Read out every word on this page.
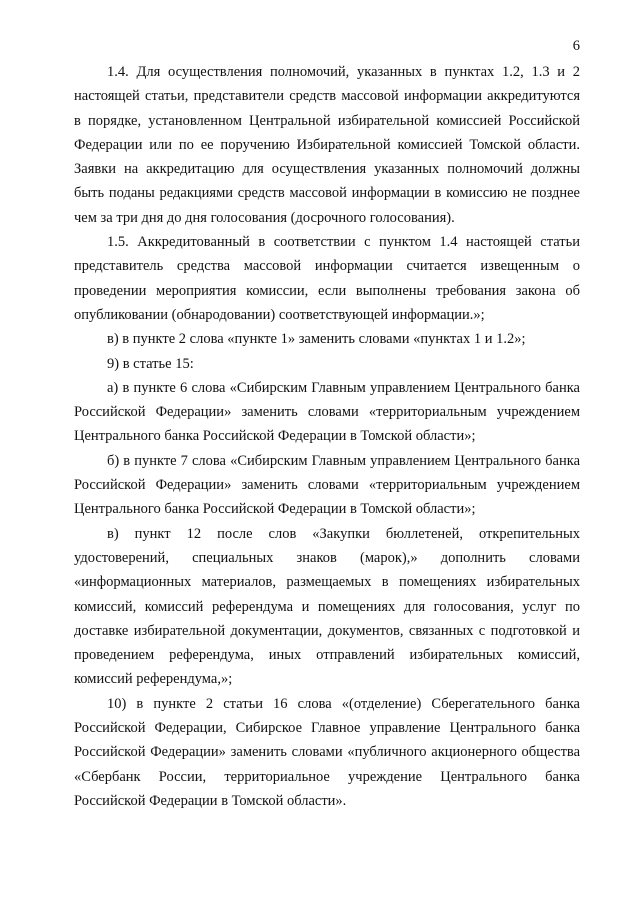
6

1.4. Для осуществления полномочий, указанных в пунктах 1.2, 1.3 и 2 настоящей статьи, представители средств массовой информации аккредитуются в порядке, установленном Центральной избирательной комиссией Российской Федерации или по ее поручению Избирательной комиссией Томской области. Заявки на аккредитацию для осуществления указанных полномочий должны быть поданы редакциями средств массовой информации в комиссию не позднее чем за три дня до дня голосования (досрочного голосования).

1.5. Аккредитованный в соответствии с пунктом 1.4 настоящей статьи представитель средства массовой информации считается извещенным о проведении мероприятия комиссии, если выполнены требования закона об опубликовании (обнародовании) соответствующей информации.»;

в) в пункте 2 слова «пункте 1» заменить словами «пунктах 1 и 1.2»;

9) в статье 15:

а) в пункте 6 слова «Сибирским Главным управлением Центрального банка Российской Федерации» заменить словами «территориальным учреждением Центрального банка Российской Федерации в Томской области»;

б) в пункте 7 слова «Сибирским Главным управлением Центрального банка Российской Федерации» заменить словами «территориальным учреждением Центрального банка Российской Федерации в Томской области»;

в) пункт 12 после слов «Закупки бюллетеней, открепительных удостоверений, специальных знаков (марок),» дополнить словами «информационных материалов, размещаемых в помещениях избирательных комиссий, комиссий референдума и помещениях для голосования, услуг по доставке избирательной документации, документов, связанных с подготовкой и проведением референдума, иных отправлений избирательных комиссий, комиссий референдума,»;

10) в пункте 2 статьи 16 слова «(отделение) Сберегательного банка Российской Федерации, Сибирское Главное управление Центрального банка Российской Федерации» заменить словами «публичного акционерного общества «Сбербанк России, территориальное учреждение Центрального банка Российской Федерации в Томской области».
